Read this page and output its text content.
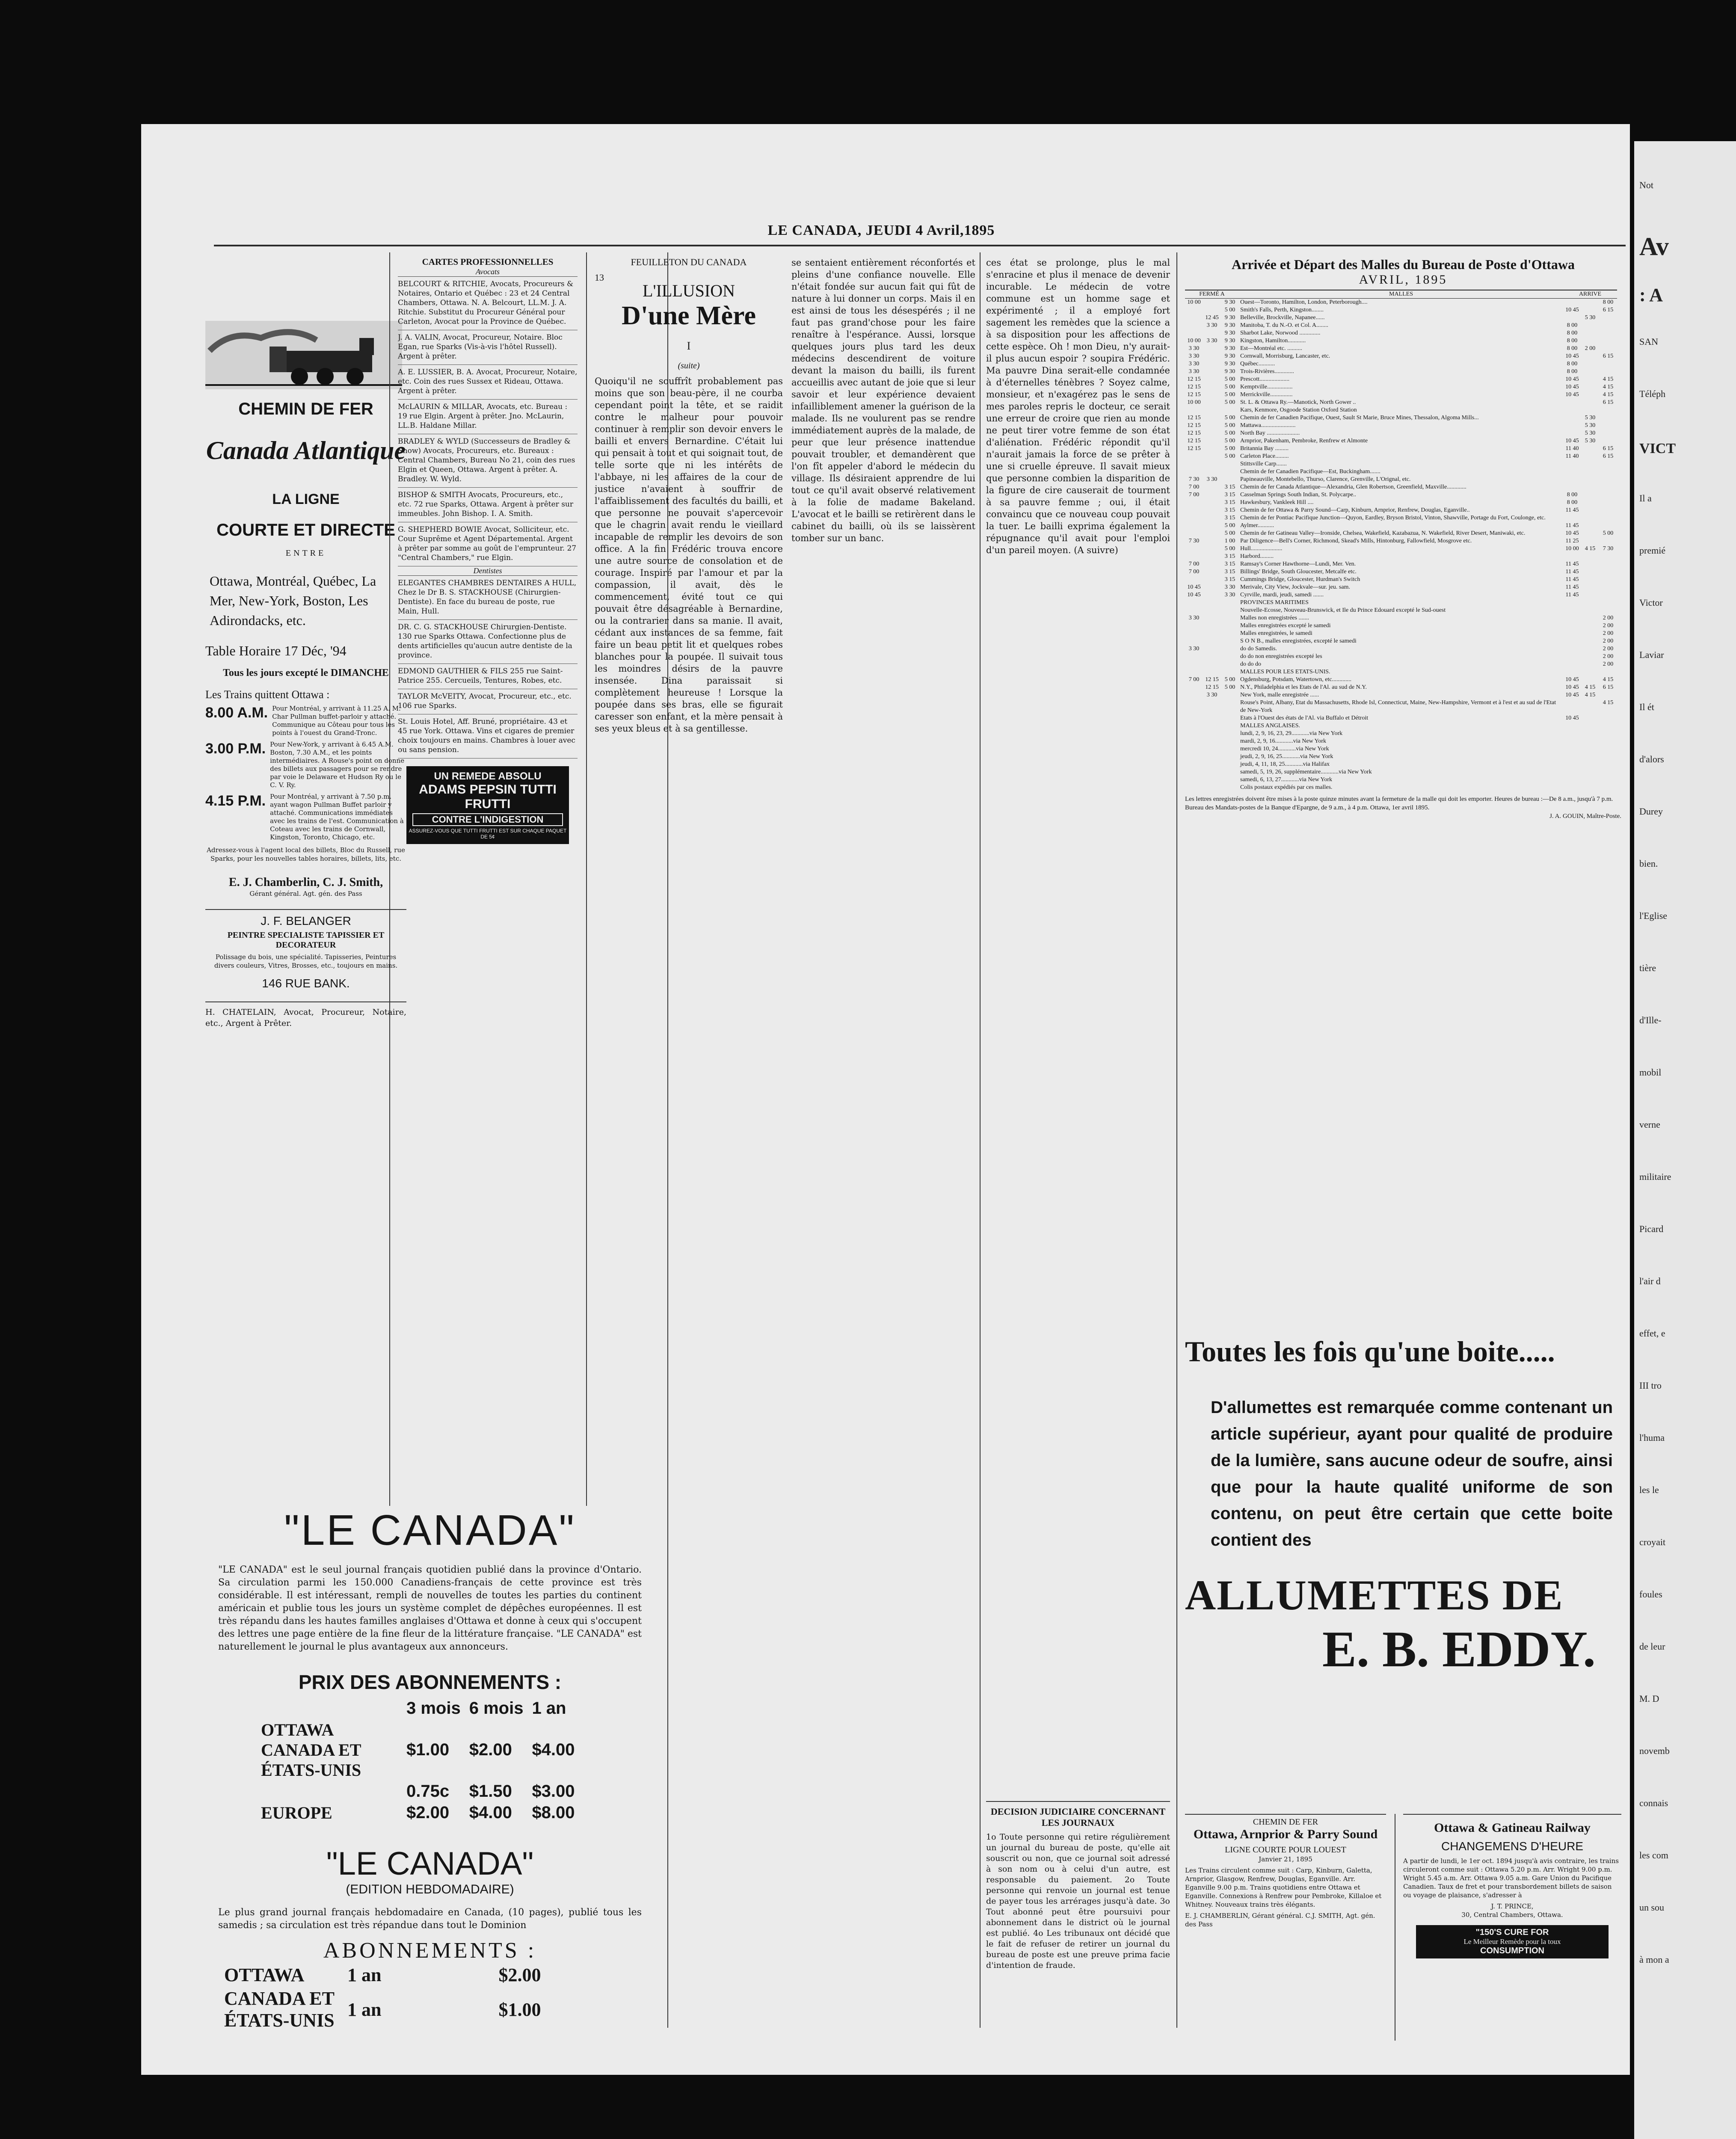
LE CANADA, JEUDI 4 Avril,1895
CHEMIN DE FER
Canada Atlantique
LA LIGNE
COURTE ET DIRECTE
ENTRE
Ottawa, Montréal, Québec, La Mer, New-York, Boston, Les Adirondacks, etc.
Table Horaire 17 Déc, '94
Tous les jours excepté le DIMANCHE
Les Trains quittent Ottawa :
8.00 A.M. Pour Montréal, y arrivant à 11.25 A. M. Char Pullman buffet-parloir y attaché. Communique au Côteau pour tous les points à l'ouest du Grand-Tronc.
3.00 P.M. Pour New-York, y arrivant à 6.45 A.M. Boston, 7.30 A.M., et les points intermédiaires. A Rouse's point on donne des billets aux passagers pour se rendre par voie le Delaware et Hudson Ry ou le C. V. Ry.
4.15 P.M. Pour Montréal, y arrivant à 7.50 p.m. ayant wagon Pullman Buffet parloir y attaché. Communications immédiates avec les trains de l'est. Communication à Coteau avec les trains de Cornwall, Kingston, Toronto, Chicago, etc.
Adressez-vous à l'agent local des billets, Bloc du Russell, rue Sparks, pour les nouvelles tables horaires, billets, lits, etc.
E. J. Chamberlin, C. J. Smith,
Gérant général. Agt. gén. des Pass
J. F. BELANGER
PEINTRE SPECIALISTE TAPISSIER ET DECORATEUR
Polissage du bois, une spécialité. Tapisseries, Peintures divers couleurs, Vitres, Brosses, etc., toujours en mains.
146 RUE BANK.
H. CHATELAIN, Avocat, Procureur, Notaire, etc., Argent à Prêter.
CARTES PROFESSIONNELLES
Avocats
BELCOURT & RITCHIE, Avocats, Procureurs & Notaires, Ontario et Québec : 23 et 24 Central Chambers, Ottawa. N. A. Belcourt, LL.M. J. A. Ritchie. Substitut du Procureur Général pour Carleton, Avocat pour la Province de Québec.
J. A. VALIN, Avocat, Procureur, Notaire. Bloc Egan, rue Sparks (Vis-à-vis l'hôtel Russell). Argent à prêter.
A. E. LUSSIER, B. A. Avocat, Procureur, Notaire, etc. Coin des rues Sussex et Rideau, Ottawa. Argent à prêter.
McLAURIN & MILLAR, Avocats, etc. Bureau : 19 rue Elgin. Argent à prêter. Jno. McLaurin, LL.B. Haldane Millar.
BRADLEY & WYLD (Successeurs de Bradley & Snow) Avocats, Procureurs, etc. Bureaux : Central Chambers, Bureau No 21, coin des rues Elgin et Queen, Ottawa. Argent à prêter. A. Bradley. W. Wyld.
BISHOP & SMITH Avocats, Procureurs, etc., etc. 72 rue Sparks, Ottawa. Argent à prêter sur immeubles. John Bishop. I. A. Smith.
G. SHEPHERD BOWIE Avocat, Solliciteur, etc. Cour Suprême et Agent Départemental. Argent à prêter par somme au goût de l'emprunteur. 27 "Central Chambers," rue Elgin.
Dentistes
ELEGANTES CHAMBRES DENTAIRES A HULL, Chez le Dr B. S. STACKHOUSE (Chirurgien-Dentiste). En face du bureau de poste, rue Main, Hull.
DR. C. G. STACKHOUSE Chirurgien-Dentiste. 130 rue Sparks Ottawa. Confectionne plus de dents artificielles qu'aucun autre dentiste de la province.
EDMOND GAUTHIER & FILS 255 rue Saint-Patrice 255. Cercueils, Tentures, Robes, etc.
TAYLOR McVEITY, Avocat, Procureur, etc., etc. 106 rue Sparks.
St. Louis Hotel, Aff. Bruné, propriétaire. 43 et 45 rue York. Ottawa. Vins et cigares de premier choix toujours en mains. Chambres à louer avec ou sans pension.
UN REMEDE ABSOLU
ADAMS PEPSIN TUTTI FRUTTI
CONTRE L'INDIGESTION
ASSUREZ-VOUS QUE TUTTI FRUTTI EST SUR CHAQUE PAQUET DE 5¢
"LE CANADA"
"LE CANADA" est le seul journal français quotidien publié dans la province d'Ontario. Sa circulation parmi les 150.000 Canadiens-français de cette province est très considérable. Il est intéressant, rempli de nouvelles de toutes les parties du continent américain et publie tous les jours un système complet de dépêches européennes. Il est très répandu dans les hautes familles anglaises d'Ottawa et donne à ceux qui s'occupent des lettres une page entière de la fine fleur de la littérature française. "LE CANADA" est naturellement le journal le plus avantageux aux annonceurs.
PRIX DES ABONNEMENTS :
	3 mois	6 mois	1 an
OTTAWA CANADA ET ÉTATS-UNIS	$1.00	$2.00	$4.00
	0.75c	$1.50	$3.00
EUROPE	$2.00	$4.00	$8.00
"LE CANADA"
(EDITION HEBDOMADAIRE)
Le plus grand journal français hebdomadaire en Canada, (10 pages), publié tous les samedis ; sa circulation est très répandue dans tout le Dominion
ABONNEMENTS :
OTTAWA	1 an	$2.00
CANADA ET ÉTATS-UNIS	1 an	$1.00
FEUILLETON DU CANADA
13
L'ILLUSION
D'une Mère
I
(suite)
Quoiqu'il ne souffrît probablement pas moins que son beau-père, il ne courba cependant point la tête, et se raidit contre le malheur pour pouvoir continuer à remplir son devoir envers le bailli et envers Bernardine. C'était lui qui pensait à tout et qui soignait tout, de telle sorte que ni les intérêts de l'abbaye, ni les affaires de la cour de justice n'avaient à souffrir de l'affaiblissement des facultés du bailli, et que personne ne pouvait s'apercevoir que le chagrin avait rendu le vieillard incapable de remplir les devoirs de son office. A la fin Frédéric trouva encore une autre source de consolation et de courage. Inspiré par l'amour et par la compassion, il avait, dès le commencement, évité tout ce qui pouvait être désagréable à Bernardine, ou la contrarier dans sa manie. Il avait, cédant aux instances de sa femme, fait faire un beau petit lit et quelques robes blanches pour la poupée. Il suivait tous les moindres désirs de la pauvre insensée. Dina paraissait si complètement heureuse ! Lorsque la poupée dans ses bras, elle se figurait caresser son enfant, et la mère pensait à ses yeux bleus et à sa gentillesse.
se sentaient entièrement réconfortés et pleins d'une confiance nouvelle. Elle n'était fondée sur aucun fait qui fût de nature à lui donner un corps. Mais il en est ainsi de tous les désespérés ; il ne faut pas grand'chose pour les faire renaître à l'espérance. Aussi, lorsque quelques jours plus tard les deux médecins descendirent de voiture devant la maison du bailli, ils furent accueillis avec autant de joie que si leur savoir et leur expérience devaient infailliblement amener la guérison de la malade. Ils ne voulurent pas se rendre immédiatement auprès de la malade, de peur que leur présence inattendue pouvait troubler, et demandèrent que l'on fît appeler d'abord le médecin du village. Ils désiraient apprendre de lui tout ce qu'il avait observé relativement à la folie de madame Bakeland. L'avocat et le bailli se retirèrent dans le cabinet du bailli, où ils se laissèrent tomber sur un banc.
ces état se prolonge, plus le mal s'enracine et plus il menace de devenir incurable. Le médecin de votre commune est un homme sage et expérimenté ; il a employé fort sagement les remèdes que la science a à sa disposition pour les affections de cette espèce. Oh ! mon Dieu, n'y aurait-il plus aucun espoir ? soupira Frédéric. Ma pauvre Dina serait-elle condamnée à d'éternelles ténèbres ? Soyez calme, monsieur, et n'exagérez pas le sens de mes paroles repris le docteur, ce serait une erreur de croire que rien au monde ne peut tirer votre femme de son état d'aliénation. Frédéric répondit qu'il n'aurait jamais la force de se prêter à une si cruelle épreuve. Il savait mieux que personne combien la disparition de la figure de cire causerait de tourment à sa pauvre femme ; oui, il était convaincu que ce nouveau coup pouvait la tuer. Le bailli exprima également la répugnance qu'il avait pour l'emploi d'un pareil moyen. (A suivre)
DECISION JUDICIAIRE CONCERNANT LES JOURNAUX
1o Toute personne qui retire régulièrement un journal du bureau de poste, qu'elle ait souscrit ou non, que ce journal soit adressé à son nom ou à celui d'un autre, est responsable du paiement. 2o Toute personne qui renvoie un journal est tenue de payer tous les arrérages jusqu'à date. 3o Tout abonné peut être poursuivi pour abonnement dans le district où le journal est publié. 4o Les tribunaux ont décidé que le fait de refuser de retirer un journal du bureau de poste est une preuve prima facie d'intention de fraude.
Arrivée et Départ des Malles du Bureau de Poste d'Ottawa
AVRIL, 1895
FERMÉ A			MALLES	ARRIVE		
10 00		9 30	Ouest—Toronto, Hamilton, London, Peterborough....			8 00
		5 00	Smith's Falls, Perth, Kingston........	10 45		6 15
	12 45	9 30	Belleville, Brockville, Napanee......		5 30	
	3 30	9 30	Manitoba, T. du N.-O. et Col. A........	8 00		
		9 30	Sharbot Lake, Norwood ..............	8 00		
10 00	3 30	9 30	Kingston, Hamilton............	8 00		
3 30		9 30	Est—Montréal etc. ..........	8 00	2 00	
3 30		9 30	Cornwall, Morrisburg, Lancaster, etc.	10 45		6 15
3 30		9 30	Québec...........	8 00		
3 30		9 30	Trois-Rivières.............	8 00		
12 15		5 00	Prescott....................	10 45		4 15
12 15		5 00	Kemptville.................	10 45		4 15
12 15		5 00	Merrickville...............	10 45		4 15
10 00		5 00	St. L. & Ottawa Ry.—Manotick, North Gower ..			6 15
			Kars, Kenmore, Osgoode Station Oxford Station			
12 15		5 00	Chemin de fer Canadien Pacifique, Ouest, Sault St Marie, Bruce Mines, Thessalon, Algoma Mills...		5 30	
12 15		5 00	Mattawa.......................		5 30	
12 15		5 00	North Bay ......................		5 30	
12 15		5 00	Arnprior, Pakenham, Pembroke, Renfrew et Almonte	10 45	5 30	
12 15		5 00	Britannia Bay .........	11 40		6 15
		5 00	Carleton Place.........	11 40		6 15
			Stittsville Carp.......			
			Chemin de fer Canadien Pacifique—Est, Buckingham.......			
7 30	3 30		Papineauville, Montebello, Thurso, Clarence, Grenville, L'Orignal, etc.			
7 00		3 15	Chemin de fer Canada Atlantique—Alexandria, Glen Robertson, Greenfield, Maxville.............			
7 00		3 15	Casselman Springs South Indian, St. Polycarpe..	8 00		
		3 15	Hawkesbury, Vankleek Hill ....	8 00		
		3 15	Chemin de fer Ottawa & Parry Sound—Carp, Kinburn, Arnprior, Renfrew, Douglas, Eganville..	11 45		
		3 15	Chemin de fer Pontiac Pacifique Junction—Quyon, Eardley, Bryson Bristol, Vinton, Shawville, Portage du Fort, Coulonge, etc.			
		5 00	Aylmer...........	11 45		
		5 00	Chemin de fer Gatineau Valley—Ironside, Chelsea, Wakefield, Kazabazua, N. Wakefield, River Desert, Maniwaki, etc.	10 45		5 00
7 30		1 00	Par Diligence—Bell's Corner, Richmond, Skead's Mills, Hintonburg, Fallowfield, Mosgrove etc.	11 25		
		5 00	Hull.....................	10 00	4 15	7 30
		3 15	Harbord.........			
7 00		3 15	Ramsay's Corner Hawthorne—Lundi, Mer. Ven.	11 45		
7 00		3 15	Billings' Bridge, South Gloucester, Metcalfe etc.	11 45		
		3 15	Cummings Bridge, Gloucester, Hurdman's Switch	11 45		
10 45		3 30	Merivale, City View, Jockvale—sur. jeu. sam.	11 45		
10 45		3 30	Cyrville, mardi, jeudi, samedi .......	11 45		
			PROVINCES MARITIMES			
			Nouvelle-Ecosse, Nouveau-Brunswick, et Ile du Prince Edouard excepté le Sud-ouest			
3 30			Malles non enregistrées .......			2 00
			Malles enregistrées excepté le samedi			2 00
			Malles enregistrées, le samedi			2 00
			S O N B., malles enregistrées, excepté le samedi			2 00
3 30			do do Samedis.			2 00
			do do non enregistrées excepté les			2 00
			do do do			2 00
			MALLES POUR LES ETATS-UNIS.			
7 00	12 15	5 00	Ogdensburg, Potsdam, Watertown, etc.............	10 45		4 15
	12 15	5 00	N.Y., Philadelphia et les Etats de l'Al. au sud de N.Y.	10 45	4 15	6 15
	3 30		New York, malle enregistrée ......	10 45	4 15	
			Rouse's Point, Albany, Etat du Massachusetts, Rhode Isl, Connecticut, Maine, New-Hampshire, Vermont et à l'est et au sud de l'Etat de New-York			4 15
			Etats à l'Ouest des états de l'Al. via Buffalo et Détroit	10 45		
			MALLES ANGLAISES.			
			lundi, 2, 9, 16, 23, 29............via New York			
			mardi, 2, 9, 16............via New York			
			mercredi 10, 24............via New York			
			jeudi, 2, 9, 16, 25............via New York			
			jeudi, 4, 11, 18, 25............via Halifax			
			samedi, 5, 19, 26, supplémentaire............via New York			
			samedi, 6, 13, 27............via New York			
			Colis postaux expédiés par ces malles.			
Les lettres enregistrées doivent être mises à la poste quinze minutes avant la fermeture de la malle qui doit les emporter. Heures de bureau :—De 8 a.m., jusqu'à 7 p.m. Bureau des Mandats-postes de la Banque d'Epargne, de 9 a.m., à 4 p.m. Ottawa, 1er avril 1895.
J. A. GOUIN, Maître-Poste.
Toutes les fois qu'une boite.....
D'allumettes est remarquée comme contenant un article supérieur, ayant pour qualité de produire de la lumière, sans aucune odeur de soufre, ainsi que pour la haute qualité uniforme de son contenu, on peut être certain que cette boite contient des
ALLUMETTES DE
E. B. EDDY.
CHEMIN DE FER
Ottawa, Arnprior & Parry Sound
LIGNE COURTE POUR LOUEST
Janvier 21, 1895
Les Trains circulent comme suit : Carp, Kinburn, Galetta, Arnprior, Glasgow, Renfrew, Douglas, Eganville. Arr. Eganville 9.00 p.m. Trains quotidiens entre Ottawa et Eganville. Connexions à Renfrew pour Pembroke, Killaloe et Whitney. Nouveaux trains très élégants.
E. J. CHAMBERLIN, Gérant général. C.J. SMITH, Agt. gén. des Pass
Ottawa & Gatineau Railway
CHANGEMENS D'HEURE
A partir de lundi, le 1er oct. 1894 jusqu'à avis contraire, les trains circuleront comme suit : Ottawa 5.20 p.m. Arr. Wright 9.00 p.m. Wright 5.45 a.m. Arr. Ottawa 9.05 a.m. Gare Union du Pacifique Canadien. Taux de fret et pour transbordement billets de saison ou voyage de plaisance, s'adresser à
J. T. PRINCE,
30, Central Chambers, Ottawa.
"150'S CURE FOR
Le Meilleur Remède pour la toux
CONSUMPTION
Not
Av
: A
SAN
Téléph
VICT
Il a
premié
Victor
Laviar
Il ét
d'alors
Durey
bien.
l'Eglise
tière
d'Ille-
mobil
verne
militaire
Picard
l'air d
effet, e
III tro
l'huma
les le
croyait
foules
de leur
M. D
novemb
connais
les com
un sou
à mon a
